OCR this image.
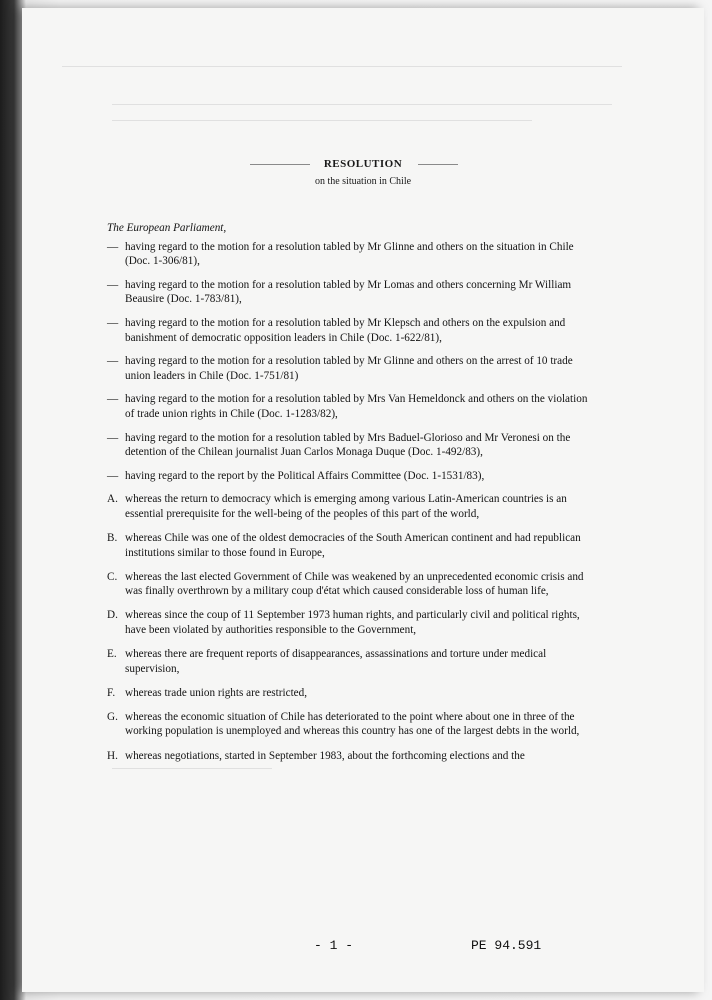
RESOLUTION
on the situation in Chile
The European Parliament,
— having regard to the motion for a resolution tabled by Mr Glinne and others on the situation in Chile (Doc. 1-306/81),
— having regard to the motion for a resolution tabled by Mr Lomas and others concerning Mr William Beausire (Doc. 1-783/81),
— having regard to the motion for a resolution tabled by Mr Klepsch and others on the expulsion and banishment of democratic opposition leaders in Chile (Doc. 1-622/81),
— having regard to the motion for a resolution tabled by Mr Glinne and others on the arrest of 10 trade union leaders in Chile (Doc. 1-751/81)
— having regard to the motion for a resolution tabled by Mrs Van Hemeldonck and others on the violation of trade union rights in Chile (Doc. 1-1283/82),
— having regard to the motion for a resolution tabled by Mrs Baduel-Glorioso and Mr Veronesi on the detention of the Chilean journalist Juan Carlos Monaga Duque (Doc. 1-492/83),
— having regard to the report by the Political Affairs Committee (Doc. 1-1531/83),
A. whereas the return to democracy which is emerging among various Latin-American countries is an essential prerequisite for the well-being of the peoples of this part of the world,
B. whereas Chile was one of the oldest democracies of the South American continent and had republican institutions similar to those found in Europe,
C. whereas the last elected Government of Chile was weakened by an unprecedented economic crisis and was finally overthrown by a military coup d'état which caused considerable loss of human life,
D. whereas since the coup of 11 September 1973 human rights, and particularly civil and political rights, have been violated by authorities responsible to the Government,
E. whereas there are frequent reports of disappearances, assassinations and torture under medical supervision,
F. whereas trade union rights are restricted,
G. whereas the economic situation of Chile has deteriorated to the point where about one in three of the working population is unemployed and whereas this country has one of the largest debts in the world,
H. whereas negotiations, started in September 1983, about the forthcoming elections and the
- 1 -	PE 94.591
